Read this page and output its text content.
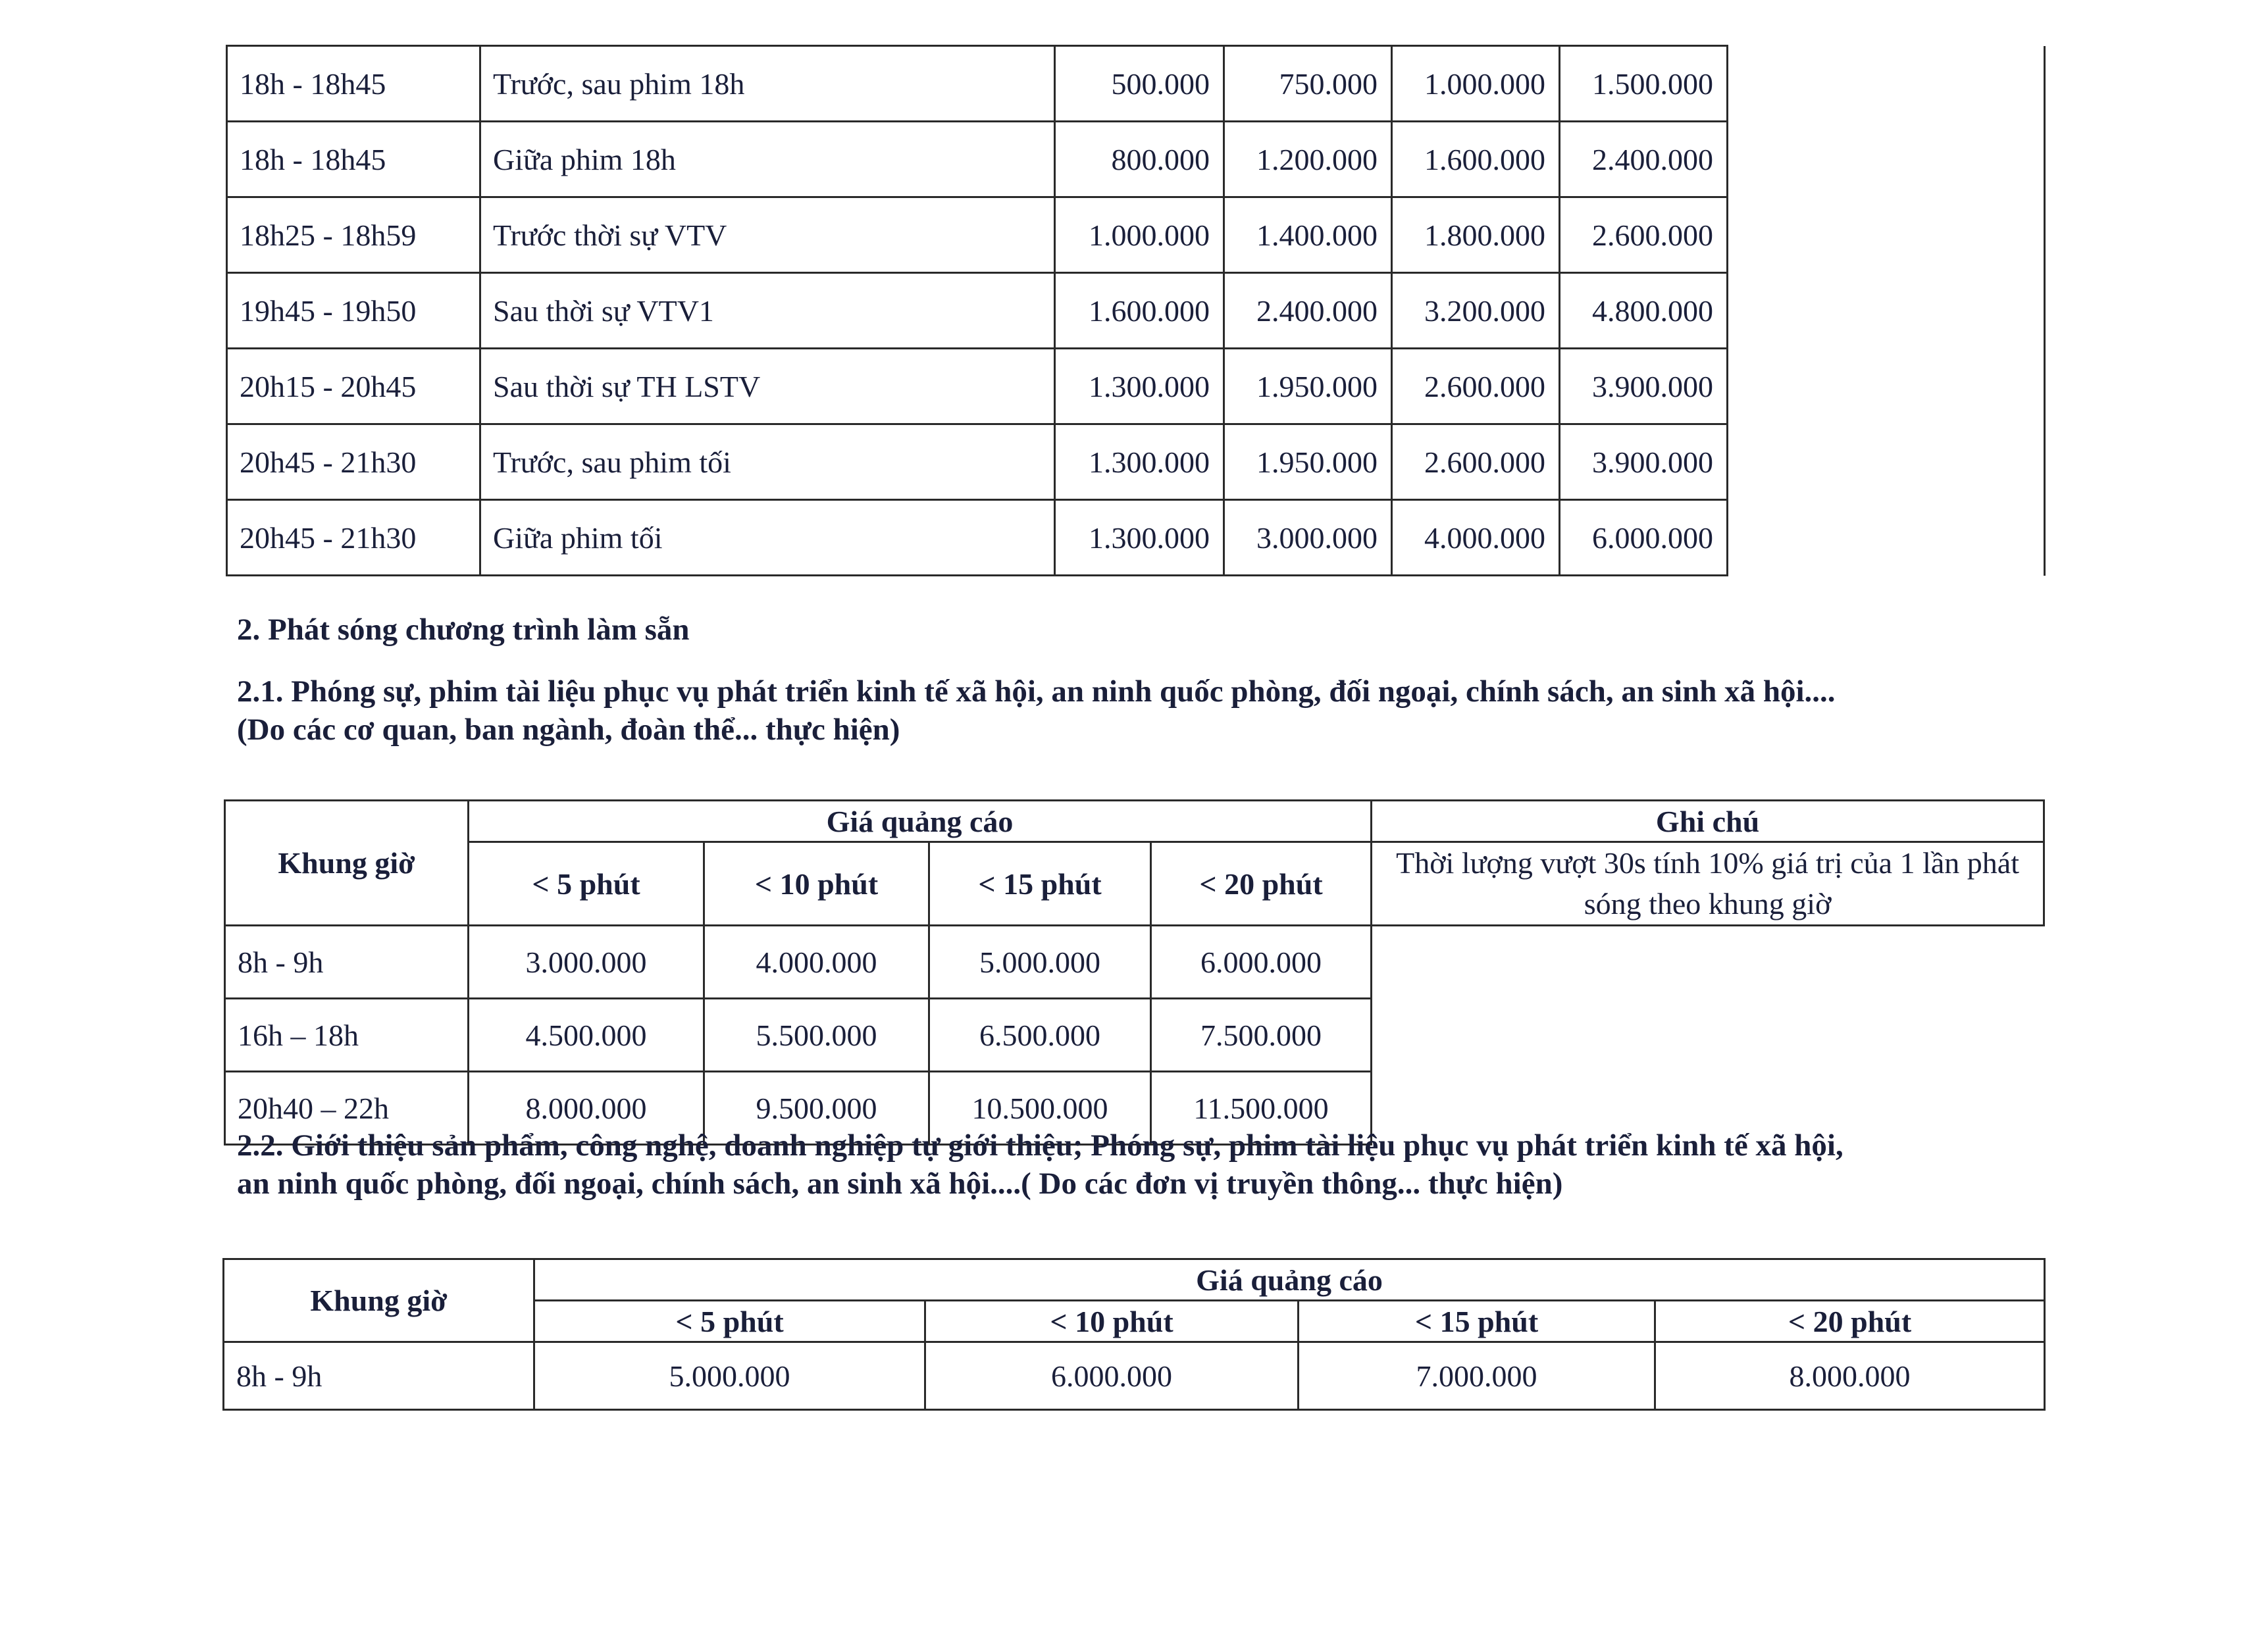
18h - 18h45	Trước, sau phim 18h	500.000	750.000	1.000.000	1.500.000	
18h - 18h45	Giữa phim 18h	800.000	1.200.000	1.600.000	2.400.000	
18h25 - 18h59	Trước thời sự VTV	1.000.000	1.400.000	1.800.000	2.600.000	
19h45 - 19h50	Sau thời sự VTV1	1.600.000	2.400.000	3.200.000	4.800.000	
20h15 - 20h45	Sau thời sự TH LSTV	1.300.000	1.950.000	2.600.000	3.900.000	
20h45 - 21h30	Trước, sau phim tối	1.300.000	1.950.000	2.600.000	3.900.000	
20h45 - 21h30	Giữa phim tối	1.300.000	3.000.000	4.000.000	6.000.000	
2. Phát sóng chương trình làm sẵn
2.1. Phóng sự, phim tài liệu phục vụ phát triển kinh tế xã hội, an ninh quốc phòng, đối ngoại, chính sách, an sinh xã hội....
(Do các cơ quan, ban ngành, đoàn thể... thực hiện)
Khung giờ	Giá quảng cáo				Ghi chú
	< 5 phút	< 10 phút	< 15 phút	< 20 phút	Thời lượng vượt 30s tính 10% giá trị của 1 lần phát sóng theo khung giờ
8h - 9h	3.000.000	4.000.000	5.000.000	6.000.000	
16h – 18h	4.500.000	5.500.000	6.500.000	7.500.000	
20h40 – 22h	8.000.000	9.500.000	10.500.000	11.500.000	
2.2. Giới thiệu sản phẩm, công nghệ, doanh nghiệp tự giới thiệu; Phóng sự, phim tài liệu phục vụ phát triển kinh tế xã hội,
an ninh quốc phòng, đối ngoại, chính sách, an sinh xã hội....( Do các đơn vị truyền thông... thực hiện)
Khung giờ	Giá quảng cáo			
	< 5 phút	< 10 phút	< 15 phút	< 20 phút
8h - 9h	5.000.000	6.000.000	7.000.000	8.000.000
